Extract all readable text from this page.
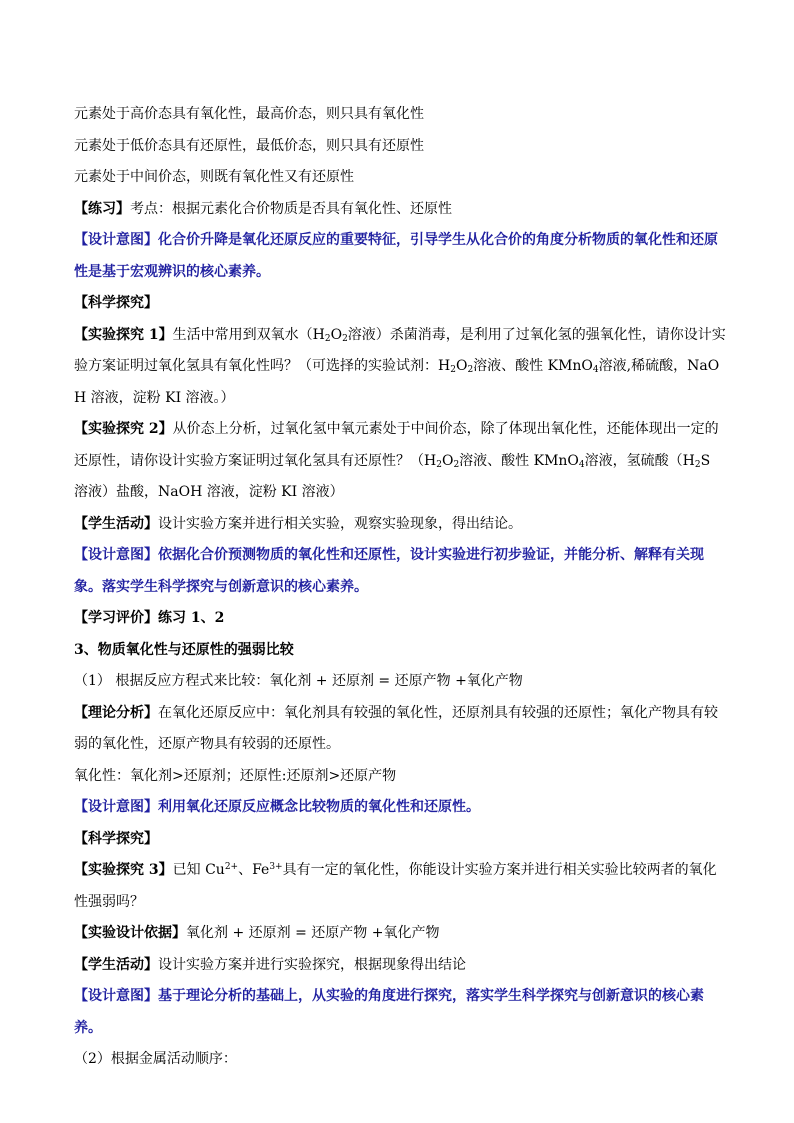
元素处于高价态具有氧化性，最高价态，则只具有氧化性

元素处于低价态具有还原性，最低价态，则只具有还原性

元素处于中间价态，则既有氧化性又有还原性

【练习】考点：根据元素化合价物质是否具有氧化性、还原性

【设计意图】化合价升降是氧化还原反应的重要特征，引导学生从化合价的角度分析物质的氧化性和还原性是基于宏观辨识的核心素养。

【科学探究】

【实验探究 1】生活中常用到双氧水（$H_2O_2$溶液）杀菌消毒，是利用了过氧化氢的强氧化性，请你设计实验方案证明过氧化氢具有氧化性吗？（可选择的实验试剂：$H_2O_2$溶液、酸性 KMnO$_4$溶液,稀硫酸，NaOH 溶液，淀粉 KI 溶液。）

【实验探究 2】从价态上分析，过氧化氢中氧元素处于中间价态，除了体现出氧化性，还能体现出一定的还原性，请你设计实验方案证明过氧化氢具有还原性？（$H_2O_2$溶液、酸性 KMnO$_4$溶液，氢硫酸（$H_2S$ 溶液）盐酸，NaOH 溶液，淀粉 KI 溶液）

【学生活动】设计实验方案并进行相关实验，观察实验现象，得出结论。

【设计意图】依据化合价预测物质的氧化性和还原性，设计实验进行初步验证，并能分析、解释有关现象。落实学生科学探究与创新意识的核心素养。

【学习评价】练习 1、2

3、物质氧化性与还原性的强弱比较

（1） 根据反应方程式来比较：氧化剂 + 还原剂 = 还原产物 +氧化产物

【理论分析】在氧化还原反应中：氧化剂具有较强的氧化性，还原剂具有较强的还原性；氧化产物具有较弱的氧化性，还原产物具有较弱的还原性。

氧化性：氧化剂>还原剂；还原性:还原剂>还原产物

【设计意图】利用氧化还原反应概念比较物质的氧化性和还原性。

【科学探究】

【实验探究 3】已知 $Cu^{2+}$、$Fe^{3+}$具有一定的氧化性，你能设计实验方案并进行相关实验比较两者的氧化性强弱吗？

【实验设计依据】氧化剂 + 还原剂 = 还原产物 +氧化产物

【学生活动】设计实验方案并进行实验探究，根据现象得出结论

【设计意图】基于理论分析的基础上，从实验的角度进行探究，落实学生科学探究与创新意识的核心素养。

（2）根据金属活动顺序：
